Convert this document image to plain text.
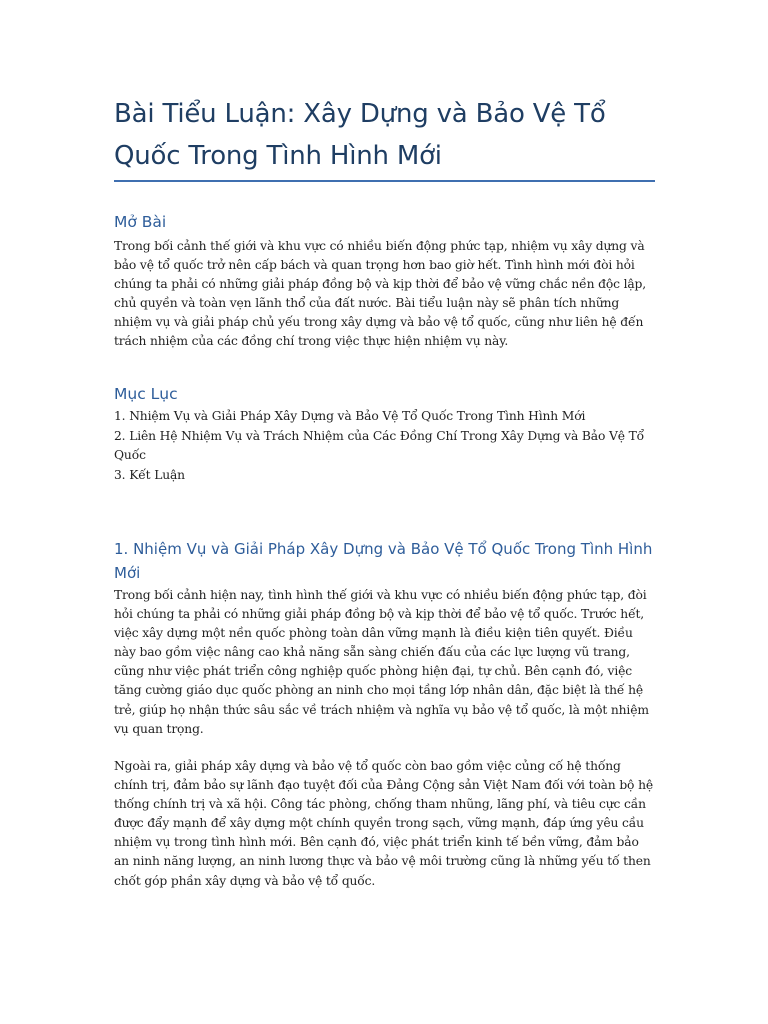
Bài Tiểu Luận: Xây Dựng và Bảo Vệ Tổ Quốc Trong Tình Hình Mới
Mở Bài

Trong bối cảnh thế giới và khu vực có nhiều biến động phức tạp, nhiệm vụ xây dựng và bảo vệ tổ quốc trở nên cấp bách và quan trọng hơn bao giờ hết. Tình hình mới đòi hỏi chúng ta phải có những giải pháp đồng bộ và kịp thời để bảo vệ vững chắc nền độc lập, chủ quyền và toàn vẹn lãnh thổ của đất nước. Bài tiểu luận này sẽ phân tích những nhiệm vụ và giải pháp chủ yếu trong xây dựng và bảo vệ tổ quốc, cũng như liên hệ đến trách nhiệm của các đồng chí trong việc thực hiện nhiệm vụ này.

Mục Lục
1. Nhiệm Vụ và Giải Pháp Xây Dựng và Bảo Vệ Tổ Quốc Trong Tình Hình Mới
2. Liên Hệ Nhiệm Vụ và Trách Nhiệm của Các Đồng Chí Trong Xây Dựng và Bảo Vệ Tổ Quốc
3. Kết Luận
1. Nhiệm Vụ và Giải Pháp Xây Dựng và Bảo Vệ Tổ Quốc Trong Tình Hình Mới

Trong bối cảnh hiện nay, tình hình thế giới và khu vực có nhiều biến động phức tạp, đòi hỏi chúng ta phải có những giải pháp đồng bộ và kịp thời để bảo vệ tổ quốc. Trước hết, việc xây dựng một nền quốc phòng toàn dân vững mạnh là điều kiện tiên quyết. Điều này bao gồm việc nâng cao khả năng sẵn sàng chiến đấu của các lực lượng vũ trang, cũng như việc phát triển công nghiệp quốc phòng hiện đại, tự chủ. Bên cạnh đó, việc tăng cường giáo dục quốc phòng an ninh cho mọi tầng lớp nhân dân, đặc biệt là thế hệ trẻ, giúp họ nhận thức sâu sắc về trách nhiệm và nghĩa vụ bảo vệ tổ quốc, là một nhiệm vụ quan trọng.

Ngoài ra, giải pháp xây dựng và bảo vệ tổ quốc còn bao gồm việc củng cố hệ thống chính trị, đảm bảo sự lãnh đạo tuyệt đối của Đảng Cộng sản Việt Nam đối với toàn bộ hệ thống chính trị và xã hội. Công tác phòng, chống tham nhũng, lãng phí, và tiêu cực cần được đẩy mạnh để xây dựng một chính quyền trong sạch, vững mạnh, đáp ứng yêu cầu nhiệm vụ trong tình hình mới. Bên cạnh đó, việc phát triển kinh tế bền vững, đảm bảo an ninh năng lượng, an ninh lương thực và bảo vệ môi trường cũng là những yếu tố then chốt góp phần xây dựng và bảo vệ tổ quốc.
